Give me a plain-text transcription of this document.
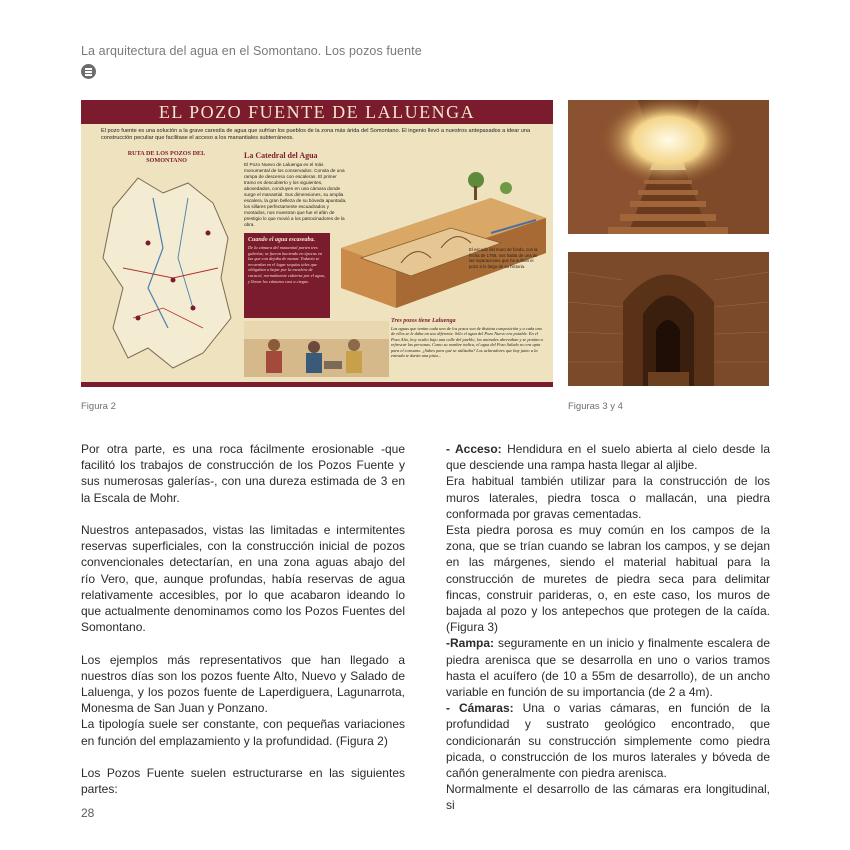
La arquitectura del agua en el Somontano. Los pozos fuente
EL POZO FUENTE DE LALUENGA
El pozo fuente es una solución a la grave carestía de agua que sufrían los pueblos de la zona más árida del Somontano. El ingenio llevó a nuestros antepasados a idear una construcción peculiar que facilitase el acceso a los manantiales subterráneos.
RUTA DE LOS POZOS DEL SOMONTANO
La Catedral del Agua
El Pozo Nuevo de Laluenga es el más monumental de los conservados. Consta de una rampa de descenso con escaleras. El primer tramo es descubierto y los siguientes, abovedados, concluyen en una cámara donde surge el manantial. Sus dimensiones, su amplia escalera, la gran belleza de su bóveda apuntada, los sillares perfectamente escuadrados y montados, nos muestran que fue el afán de prestigio lo que movió a los patrocinadores de la obra.
Cuando el agua escaseaba.
De la cámara del manantial parten tres galerías; se fueron haciendo en épocas en las que con dejaba de manar. Todavía se recuerdan en el lugar sequías tales que obligaban a bajar por la escalera de caracol, normalmente cubierta por el agua, y llenar los cántaros casi a ciegas.
El escudo del muro de fondo, con la fecha de 1766, nos habla de una de las reparaciones que ha sufrido el pozo a lo largo de su historia.
Tres pozos tiene Laluenga
Las aguas que tenían cada uno de los pozos son de distinta composición y a cada uno de ellos se le daba un uso diferente. Sólo el agua del Pozo Nuevo era potable. En el Pozo Alto, hoy oculto bajo una calle del pueblo, los animales abrevaban y se ponían a refrescar las personas. Como su nombre indica, el agua del Pozo Salado no era apta para el consumo. ¿Sabes para qué se utilizaba? Los aclaradores que hay junto a la entrada te darán una pista...
Figura 2	Figuras 3 y 4

Por otra parte, es una roca fácilmente erosionable -que facilitó los trabajos de construcción de los Pozos Fuente y sus numerosas galerías-, con una dureza estimada de 3 en la Escala de Mohr.

Nuestros antepasados, vistas las limitadas e intermitentes reservas superficiales, con la construcción inicial de pozos convencionales detectarían, en una zona aguas abajo del río Vero, que, aunque profundas, había reservas de agua relativamente accesibles, por lo que acabaron ideando lo que actualmente denominamos como los Pozos Fuentes del Somontano.

Los ejemplos más representativos que han llegado a nuestros días son los pozos fuente Alto, Nuevo y Salado de Laluenga, y los pozos fuente de Laperdiguera, Lagunarrota, Monesma de San Juan y Ponzano.

La tipología suele ser constante, con pequeñas variaciones en función del emplazamiento y la profundidad. (Figura 2)

Los Pozos Fuente suelen estructurarse en las siguientes partes:

- Acceso: Hendidura en el suelo abierta al cielo desde la que desciende una rampa hasta llegar al aljibe.

Era habitual también utilizar para la construcción de los muros laterales, piedra tosca o mallacán, una piedra conformada por gravas cementadas.

Esta piedra porosa es muy común en los campos de la zona, que se trían cuando se labran los campos, y se dejan en las márgenes, siendo el material habitual para la construcción de muretes de piedra seca para delimitar fincas, construir parideras, o, en este caso, los muros de bajada al pozo y los antepechos que protegen de la caída. (Figura 3)

-Rampa: seguramente en un inicio y finalmente escalera de piedra arenisca que se desarrolla en uno o varios tramos hasta el acuífero (de 10 a 55m de desarrollo), de un ancho variable en función de su importancia (de 2 a 4m).

- Cámaras: Una o varias cámaras, en función de la profundidad y sustrato geológico encontrado, que condicionarán su construcción simplemente como piedra picada, o construcción de los muros laterales y bóveda de cañón generalmente con piedra arenisca.

Normalmente el desarrollo de las cámaras era longitudinal, si

28
